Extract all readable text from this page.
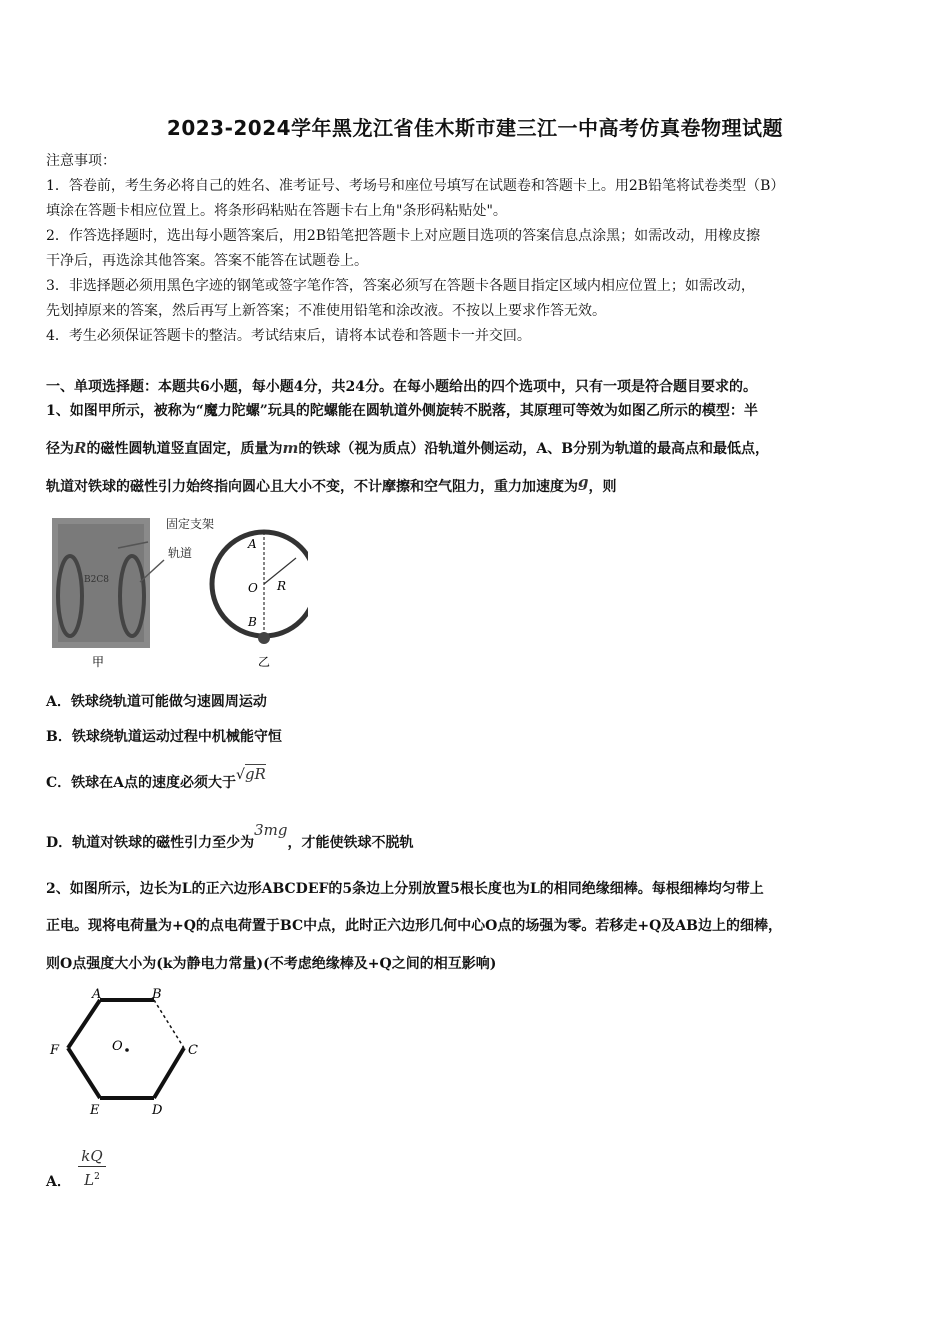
2023-2024学年黑龙江省佳木斯市建三江一中高考仿真卷物理试题
注意事项：
1．答卷前，考生务必将自己的姓名、准考证号、考场号和座位号填写在试题卷和答题卡上。用2B铅笔将试卷类型（B）
填涂在答题卡相应位置上。将条形码粘贴在答题卡右上角"条形码粘贴处"。
2．作答选择题时，选出每小题答案后，用2B铅笔把答题卡上对应题目选项的答案信息点涂黑；如需改动，用橡皮擦
干净后，再选涂其他答案。答案不能答在试题卷上。
3．非选择题必须用黑色字迹的钢笔或签字笔作答，答案必须写在答题卡各题目指定区域内相应位置上；如需改动，
先划掉原来的答案，然后再写上新答案；不准使用铅笔和涂改液。不按以上要求作答无效。
4．考生必须保证答题卡的整洁。考试结束后，请将本试卷和答题卡一并交回。
一、单项选择题：本题共6小题，每小题4分，共24分。在每小题给出的四个选项中，只有一项是符合题目要求的。
1、如图甲所示，被称为“魔力陀螺”玩具的陀螺能在圆轨道外侧旋转不脱落，其原理可等效为如图乙所示的模型：半
径为R的磁性圆轨道竖直固定，质量为m的铁球（视为质点）沿轨道外侧运动，A、B分别为轨道的最高点和最低点，
轨道对铁球的磁性引力始终指向圆心且大小不变，不计摩擦和空气阻力，重力加速度为g，则
B2C8
固定支架
轨道
A
O R
B
甲	乙
A．铁球绕轨道可能做匀速圆周运动
B．铁球绕轨道运动过程中机械能守恒
C．铁球在A点的速度必须大于√gR
D．轨道对铁球的磁性引力至少为3mg，才能使铁球不脱轨
2、如图所示，边长为L的正六边形ABCDEF的5条边上分别放置5根长度也为L的相同绝缘细棒。每根细棒均匀带上
正电。现将电荷量为+Q的点电荷置于BC中点，此时正六边形几何中心O点的场强为零。若移走+Q及AB边上的细棒，
则O点强度大小为(k为静电力常量)(不考虑绝缘棒及+Q之间的相互影响)
A	B
C
D
E
F	O
A．
kQ
$L^2$
